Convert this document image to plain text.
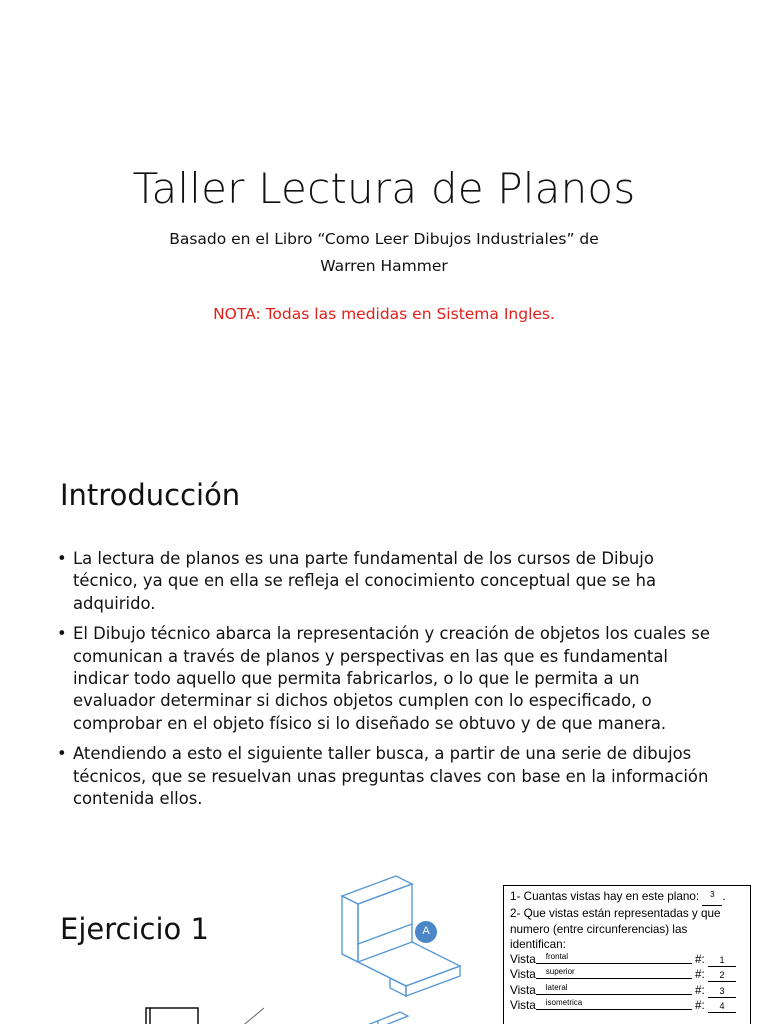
Taller Lectura de Planos
Basado en el Libro “Como Leer Dibujos Industriales” de
Warren Hammer
NOTA: Todas las medidas en Sistema Ingles.
Introducción
• La lectura de planos es una parte fundamental de los cursos de Dibujo técnico, ya que en ella se refleja el conocimiento conceptual que se ha adquirido.
• El Dibujo técnico abarca la representación y creación de objetos los cuales se comunican a través de planos y perspectivas en las que es fundamental indicar todo aquello que permita fabricarlos, o lo que le permita a un evaluador determinar si dichos objetos cumplen con lo especificado, o comprobar en el objeto físico si lo diseñado se obtuvo y de que manera.
• Atendiendo a esto el siguiente taller busca, a partir de una serie de dibujos técnicos, que se resuelvan unas preguntas claves con base en la información contenida ellos.
Ejercicio 1	A
1- Cuantas vistas hay en este plano: $^3$ .
2- Que vistas están representadas y que numero (entre circunferencias) las identifican:
Vista frontal	#: 1
Vista superior	#: 2
Vista lateral	#: 3
Vista isometrica	#: 4
